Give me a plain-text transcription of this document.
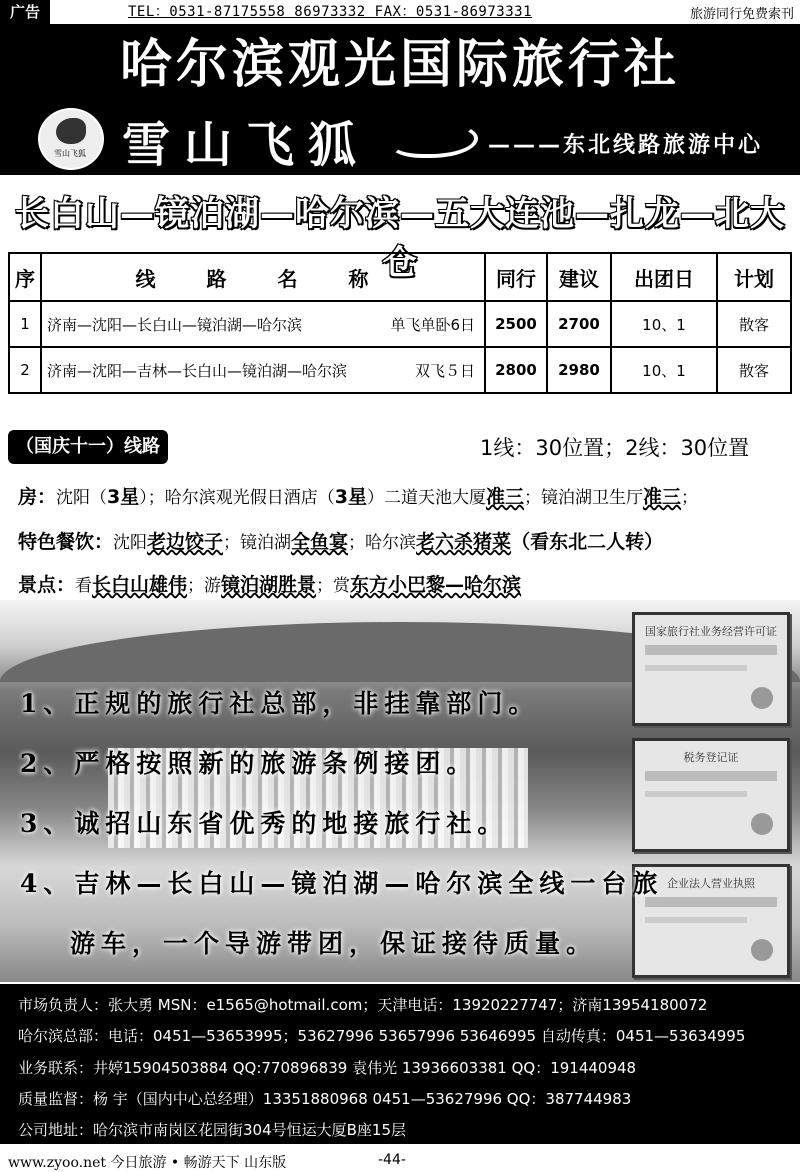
广告	TEL：0531-87175558 86973332 FAX：0531-86973331	旅游同行免费索刊
哈尔滨观光国际旅行社
雪山飞狐 雪山飞狐	———东北线路旅游中心
长白山—镜泊湖—哈尔滨—五大连池—扎龙—北大仓
序	线 路 名 称	同行	建议	出团日	计划
1	济南—沈阳—长白山—镜泊湖—哈尔滨 单飞单卧6日	2500	2700	10、1	散客
2	济南—沈阳—吉林—长白山—镜泊湖—哈尔滨 双飞５日	2800	2980	10、1	散客
（国庆十一）线路	1线：30位置；2线：30位置
房：沈阳（3星）；哈尔滨观光假日酒店（3星）二道天池大厦准三；镜泊湖卫生厅准三；
特色餐饮：沈阳老边饺子；镜泊湖全鱼宴；哈尔滨老六杀猪菜（看东北二人转）
景点：看长白山雄伟；游镜泊湖胜景；赏东方小巴黎—哈尔滨
国家旅行社业务经营许可证
税务登记证
企业法人营业执照
1、正规的旅行社总部，非挂靠部门。
2、严格按照新的旅游条例接团。
3、诚招山东省优秀的地接旅行社。
4、吉林—长白山—镜泊湖—哈尔滨全线一台旅
游车，一个导游带团，保证接待质量。
市场负责人：张大勇 MSN：e1565@hotmail.com；天津电话：13920227747；济南13954180072
哈尔滨总部：电话：0451—53653995；53627996 53657996 53646995 自动传真：0451—53634995
业务联系：井婷15904503884 QQ:770896839 袁伟光 13936603381 QQ：191440948
质量监督：杨 宇（国内中心总经理）13351880968 0451—53627996 QQ：387744983
公司地址：哈尔滨市南岗区花园街304号恒运大厦B座15层
www.zyoo.net 今日旅游 • 畅游天下 山东版	-44-
